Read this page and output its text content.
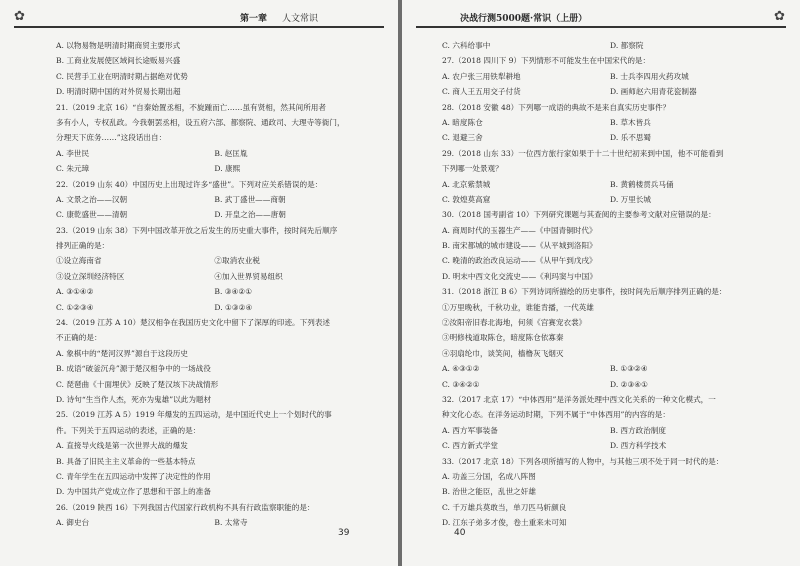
✿	第一章 人文常识
A. 以物易物是明清时期商贸主要形式
B. 工商业发展使区域间长途贩易兴盛
C. 民营手工业在明清时期占据绝对优势
D. 明清时期中国的对外贸易长期出超
21.（2019 北京 16）“自秦始置丞相，不旋踵而亡……虽有贤相，然其间所用者
多有小人，专权乱政。今我朝罢丞相，设五府六部、都察院、通政司、大理寺等衙门，
分理天下庶务……”这段话出自：
A. 李世民	B. 赵匡胤
C. 朱元璋	D. 康熙
22.（2019 山东 40）中国历史上出现过许多“盛世”。下列对应关系错误的是：
A. 文景之治——汉朝	B. 武丁盛世——商朝
C. 康乾盛世——清朝	D. 开皇之治——唐朝
23.（2019 山东 38）下列中国改革开放之后发生的历史重大事件，按时间先后顺序
排列正确的是：
①设立海南省	②取消农业税
③设立深圳经济特区	④加入世界贸易组织
A. ③①④②	B. ③④②①
C. ①②③④	D. ①③②④
24.（2019 江苏 A 10）楚汉相争在我国历史文化中留下了深厚的印迹。下列表述
不正确的是：
A. 象棋中的“楚河汉界”源自于这段历史
B. 成语“破釜沉舟”源于楚汉相争中的一场战役
C. 琵琶曲《十面埋伏》反映了楚汉垓下决战情形
D. 诗句“生当作人杰，死亦为鬼雄”以此为题材
25.（2019 江苏 A 5）1919 年爆发的五四运动，是中国近代史上一个划时代的事
件。下列关于五四运动的表述，正确的是：
A. 直接导火线是第一次世界大战的爆发
B. 具备了旧民主主义革命的一些基本特点
C. 青年学生在五四运动中发挥了决定性的作用
D. 为中国共产党成立作了思想和干部上的准备
26.（2019 陕西 16）下列我国古代国家行政机构不具有行政监察职能的是：
A. 御史台	B. 太常寺
39
✿
决战行测5000题·常识（上册）
C. 六科给事中	D. 都察院
27.（2018 四川下 9）下列情形不可能发生在中国宋代的是：
A. 农户张三用铁犁耕地	B. 士兵李四用火药攻城
C. 商人王五用交子付货	D. 画师赵六用青花瓷制器
28.（2018 安徽 48）下列哪一成语的典故不是来自真实历史事件？
A. 暗度陈仓	B. 草木皆兵
C. 退避三舍	D. 乐不思蜀
29.（2018 山东 33）一位西方旅行家如果于十二十世纪初来到中国，他不可能看到
下列哪一处景观？
A. 北京紫禁城	B. 黄鹤楼贯兵马俑
C. 敦煌莫高窟	D. 万里长城
30.（2018 国考副省 10）下列研究课题与其查阅的主要参考文献对应错误的是：
A. 商周时代的玉器生产——《中国青铜时代》
B. 南宋都城的城市建设——《从平城到洛阳》
C. 晚清的政治改良运动——《从甲午到戊戌》
D. 明末中西文化交流史——《利玛窦与中国》
31.（2018 浙江 B 6）下列诗词所描绘的历史事件，按时间先后顺序排列正确的是：
①万里晚秋，千秋功业，谁能肯播，一代英雄
②汝阳帝旧春北海地，何须《宫赛宠衣裳》
③明修栈道取陈仓，暗度陈仓依寡秦
④羽扇纶巾，谈笑间，樯橹灰飞烟灭
A. ④③①②	B. ①③②④
C. ③④②①	D. ②③④①
32.（2017 北京 17）“中体西用”是洋务派处理中西文化关系的一种文化模式，一
种文化心态。在洋务运动时期，下列不属于“中体西用”的内容的是：
A. 西方军事装备	B. 西方政治制度
C. 西方新式学堂	D. 西方科学技术
33.（2017 北京 18）下列各项所描写的人物中，与其他三项不处于同一时代的是：
A. 功盖三分国，名成八阵图
B. 治世之能臣，乱世之奸雄
C. 千万雄兵莫敢当，单刀匹马斩颜良
D. 江东子弟多才俊，卷土重来未可知
40
